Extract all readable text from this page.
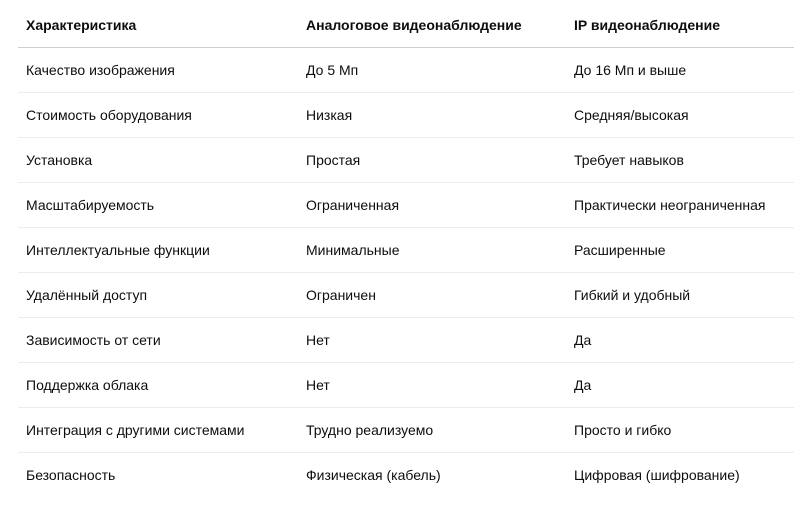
Характеристика	Аналоговое видеонаблюдение	IP видеонаблюдение
Качество изображения	До 5 Мп	До 16 Мп и выше
Стоимость оборудования	Низкая	Средняя/высокая
Установка	Простая	Требует навыков
Масштабируемость	Ограниченная	Практически неограниченная
Интеллектуальные функции	Минимальные	Расширенные
Удалённый доступ	Ограничен	Гибкий и удобный
Зависимость от сети	Нет	Да
Поддержка облака	Нет	Да
Интеграция с другими системами	Трудно реализуемо	Просто и гибко
Безопасность	Физическая (кабель)	Цифровая (шифрование)
